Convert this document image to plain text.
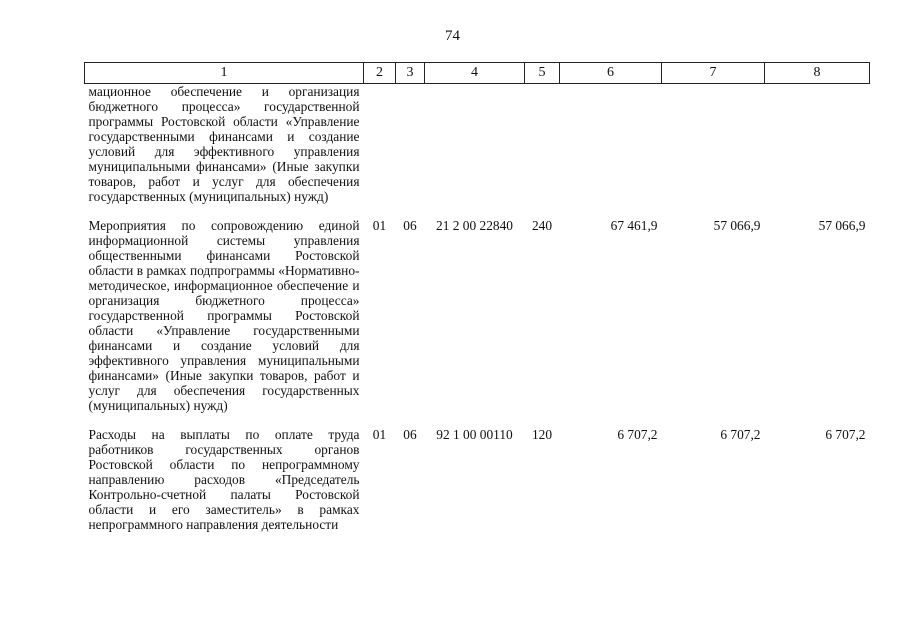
74
1	2	3	4	5	6	7	8
мационное обеспечение и организация бюджетного процесса» государственной программы Ростовской области «Управление государственными финансами и создание условий для эффективного управления муниципальными финансами» (Иные закупки товаров, работ и услуг для обеспечения государственных (муниципальных) нужд)							
Мероприятия по сопровождению единой информационной системы управления общественными финансами Ростовской области в рамках подпрограммы «Нормативно-методическое, информационное обеспечение и организация бюджетного процесса» государственной программы Ростовской области «Управление государственными финансами и создание условий для эффективного управления муниципальными финансами» (Иные закупки товаров, работ и услуг для обеспечения государственных (муниципальных) нужд)	01	06	21 2 00 22840	240	67 461,9	57 066,9	57 066,9
Расходы на выплаты по оплате труда работников государственных органов Ростовской области по непрограммному направлению расходов «Председатель Контрольно-счетной палаты Ростовской области и его заместитель» в рамках непрограммного направления деятельности	01	06	92 1 00 00110	120	6 707,2	6 707,2	6 707,2
